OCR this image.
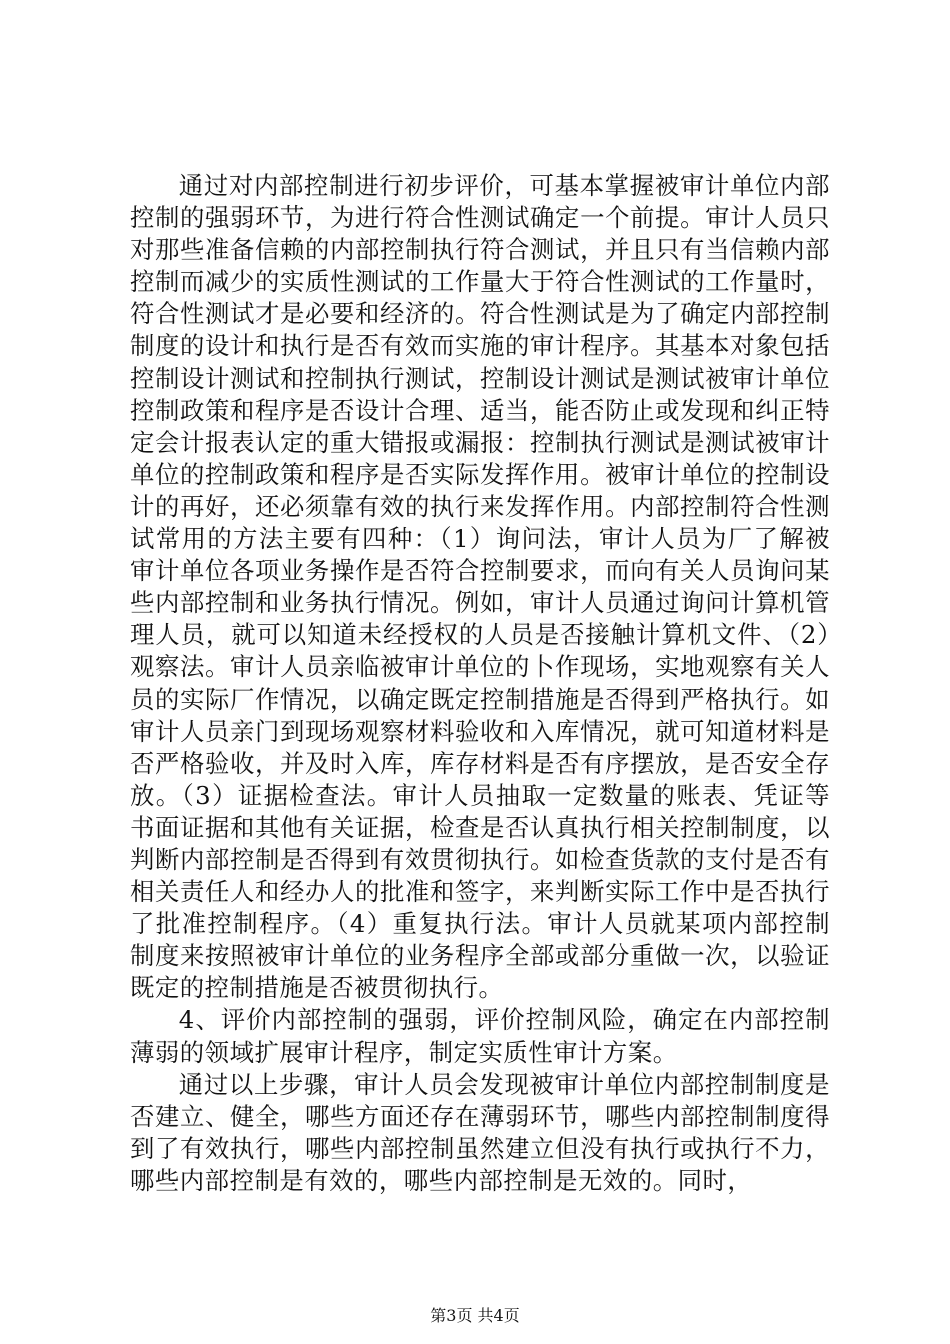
通过对内部控制进行初步评价，可基本掌握被审计单位内部控制的强弱环节，为进行符合性测试确定一个前提。审计人员只对那些准备信赖的内部控制执行符合测试，并且只有当信赖内部控制而减少的实质性测试的工作量大于符合性测试的工作量时，符合性测试才是必要和经济的。符合性测试是为了确定内部控制制度的设计和执行是否有效而实施的审计程序。其基本对象包括控制设计测试和控制执行测试，控制设计测试是测试被审计单位控制政策和程序是否设计合理、适当，能否防止或发现和纠正特定会计报表认定的重大错报或漏报：控制执行测试是测试被审计单位的控制政策和程序是否实际发挥作用。被审计单位的控制设计的再好，还必须靠有效的执行来发挥作用。内部控制符合性测试常用的方法主要有四种：（1）询问法，审计人员为厂了解被审计单位各项业务操作是否符合控制要求，而向有关人员询问某些内部控制和业务执行情况。例如，审计人员通过询问计算机管理人员，就可以知道未经授权的人员是否接触计算机文件、（2）观察法。审计人员亲临被审计单位的卜作现场，实地观察有关人员的实际厂作情况，以确定既定控制措施是否得到严格执行。如审计人员亲门到现场观察材料验收和入库情况，就可知道材料是否严格验收，并及时入库，库存材料是否有序摆放，是否安全存放。（3）证据检查法。审计人员抽取一定数量的账表、凭证等书面证据和其他有关证据，检查是否认真执行相关控制制度，以判断内部控制是否得到有效贯彻执行。如检查货款的支付是否有相关责任人和经办人的批准和签字，来判断实际工作中是否执行了批准控制程序。（4）重复执行法。审计人员就某项内部控制制度来按照被审计单位的业务程序全部或部分重做一次，以验证既定的控制措施是否被贯彻执行。

4、评价内部控制的强弱，评价控制风险，确定在内部控制薄弱的领域扩展审计程序，制定实质性审计方案。

通过以上步骤，审计人员会发现被审计单位内部控制制度是否建立、健全，哪些方面还存在薄弱环节，哪些内部控制制度得到了有效执行，哪些内部控制虽然建立但没有执行或执行不力，哪些内部控制是有效的，哪些内部控制是无效的。同时，

第3页 共4页
